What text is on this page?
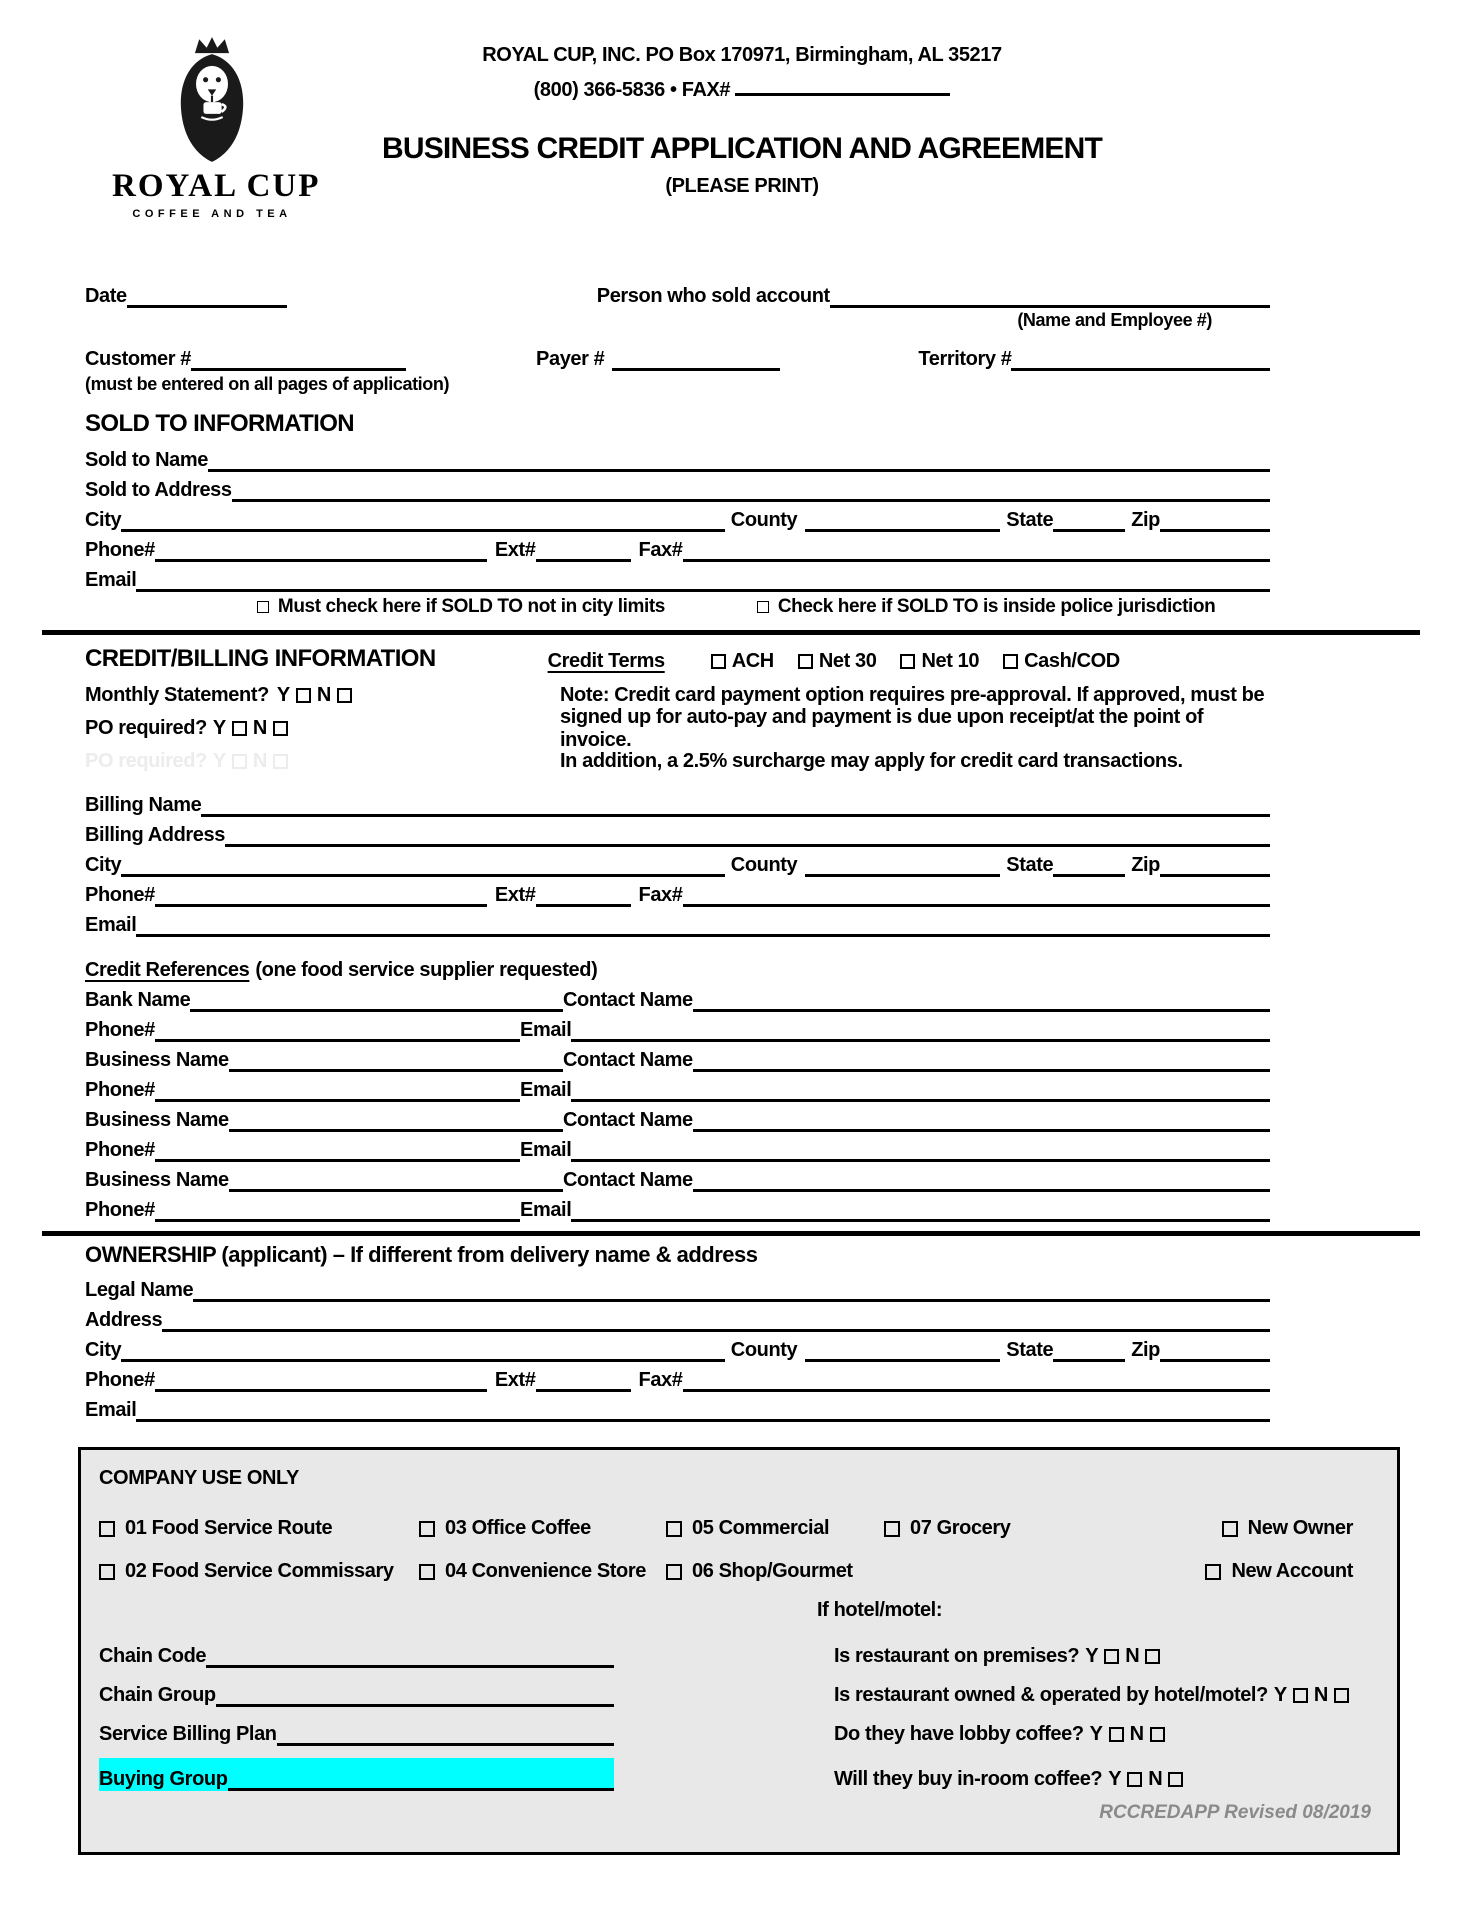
ROYAL CUP
COFFEE AND TEA
ROYAL CUP, INC. PO Box 170971, Birmingham, AL 35217
(800) 366-5836 • FAX#
BUSINESS CREDIT APPLICATION AND AGREEMENT
(PLEASE PRINT)
Date	Person who sold account
(Name and Employee #)
Customer #	Payer #	Territory #
(must be entered on all pages of application)
SOLD TO INFORMATION
Sold to Name
Sold to Address
City	County	State	Zip
Phone#	Ext#	Fax#
Email
Must check here if SOLD TO not in city limits	Check here if SOLD TO is inside police jurisdiction
CREDIT/BILLING INFORMATION	Credit Terms	ACH Net 30 Net 10 Cash/COD
Monthly Statement? Y N
PO required? Y N
PO required? Y N
Note: Credit card payment option requires pre-approval. If approved, must be
signed up for auto-pay and payment is due upon receipt/at the point of invoice.
In addition, a 2.5% surcharge may apply for credit card transactions.
Billing Name
Billing Address
City	County	State	Zip
Phone#	Ext#	Fax#
Email
Credit References (one food service supplier requested)
Bank Name	Contact Name
Phone#	Email
Business Name	Contact Name
Phone#	Email
Business Name	Contact Name
Phone#	Email
Business Name	Contact Name
Phone#	Email
OWNERSHIP (applicant) – If different from delivery name & address
Legal Name
Address
City	County	State	Zip
Phone#	Ext#	Fax#
Email
COMPANY USE ONLY
01 Food Service Route	03 Office Coffee	05 Commercial	07 Grocery	New Owner
02 Food Service Commissary	04 Convenience Store 06 Shop/Gourmet	New Account
If hotel/motel:
Chain Code	Is restaurant on premises? Y N
Chain Group	Is restaurant owned & operated by hotel/motel? Y N
Service Billing Plan	Do they have lobby coffee? Y N
Buying Group	Will they buy in-room coffee? Y N
RCCREDAPP Revised 08/2019
